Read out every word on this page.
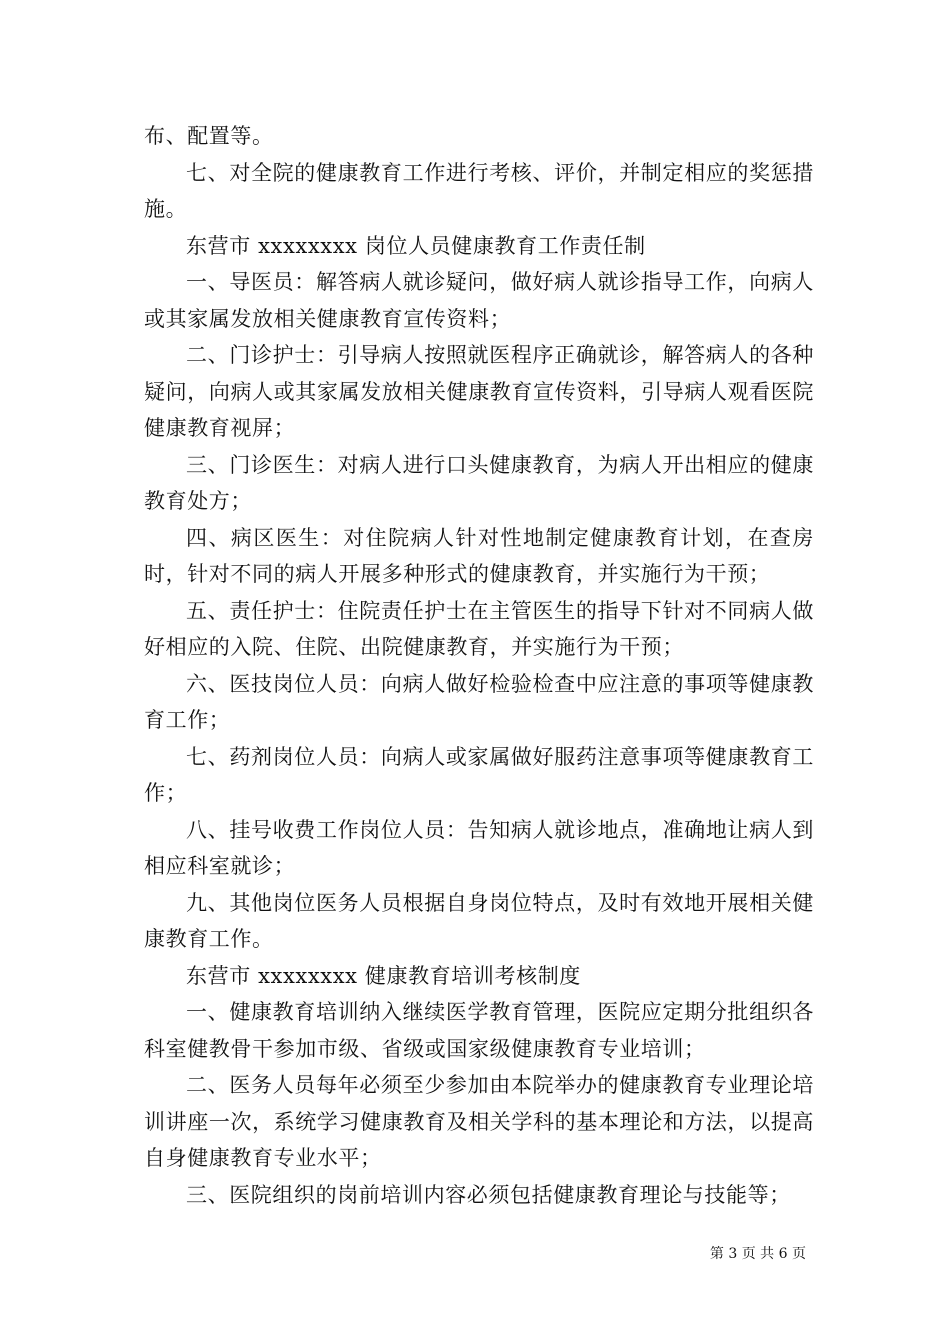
布、配置等。

七、对全院的健康教育工作进行考核、评价，并制定相应的奖惩措施。

东营市 xxxxxxxx 岗位人员健康教育工作责任制

一、导医员：解答病人就诊疑问，做好病人就诊指导工作，向病人或其家属发放相关健康教育宣传资料；

二、门诊护士：引导病人按照就医程序正确就诊，解答病人的各种疑问，向病人或其家属发放相关健康教育宣传资料，引导病人观看医院健康教育视屏；

三、门诊医生：对病人进行口头健康教育，为病人开出相应的健康教育处方；

四、病区医生：对住院病人针对性地制定健康教育计划，在查房时，针对不同的病人开展多种形式的健康教育，并实施行为干预；

五、责任护士：住院责任护士在主管医生的指导下针对不同病人做好相应的入院、住院、出院健康教育，并实施行为干预；

六、医技岗位人员：向病人做好检验检查中应注意的事项等健康教育工作；

七、药剂岗位人员：向病人或家属做好服药注意事项等健康教育工作；

八、挂号收费工作岗位人员：告知病人就诊地点，准确地让病人到相应科室就诊；

九、其他岗位医务人员根据自身岗位特点，及时有效地开展相关健康教育工作。

东营市 xxxxxxxx 健康教育培训考核制度

一、健康教育培训纳入继续医学教育管理，医院应定期分批组织各科室健教骨干参加市级、省级或国家级健康教育专业培训；

二、医务人员每年必须至少参加由本院举办的健康教育专业理论培训讲座一次，系统学习健康教育及相关学科的基本理论和方法，以提高自身健康教育专业水平；

三、医院组织的岗前培训内容必须包括健康教育理论与技能等；

第 3 页 共 6 页
